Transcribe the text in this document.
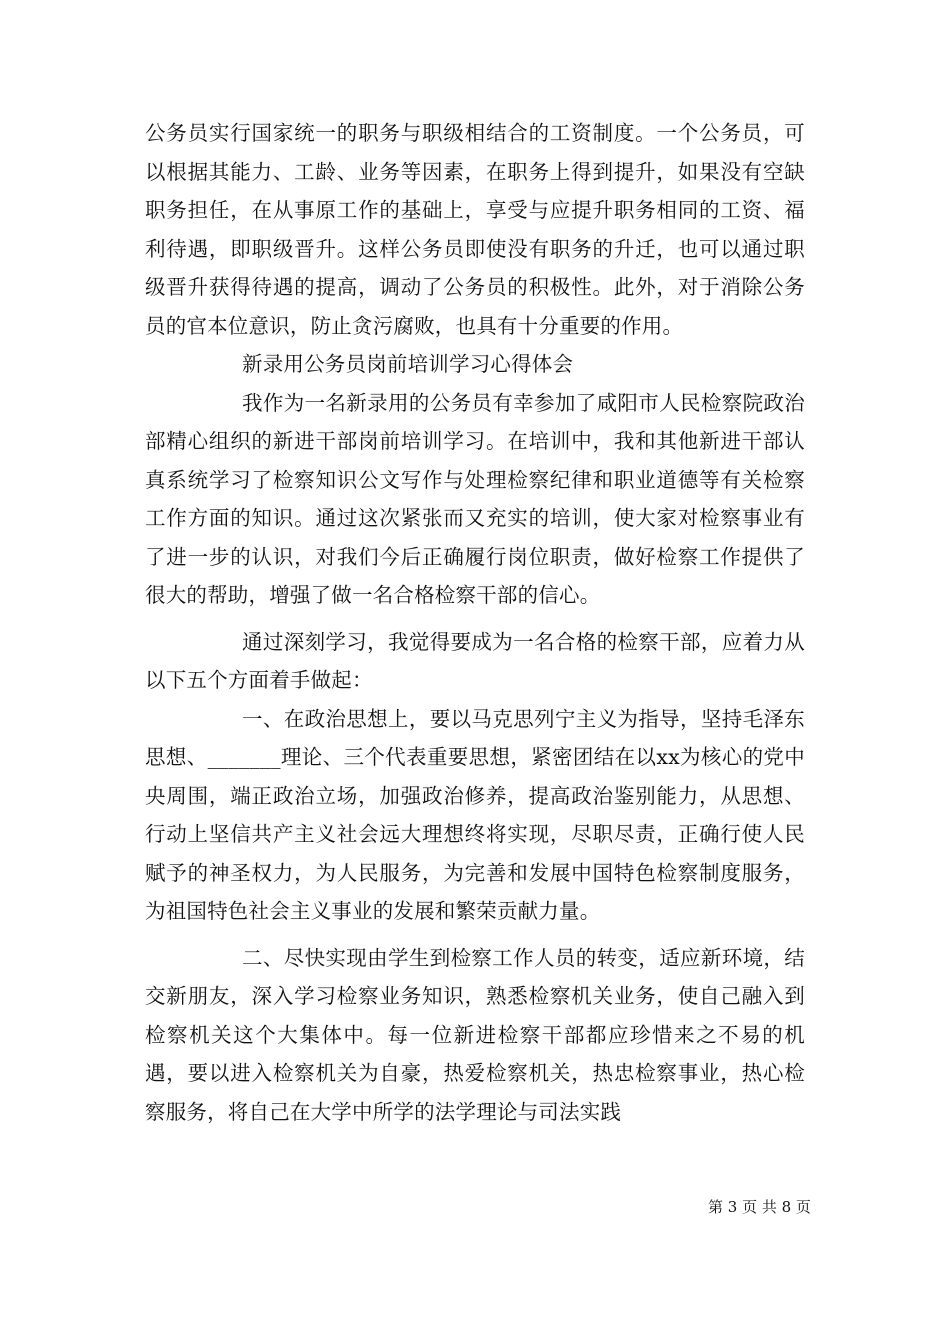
公务员实行国家统一的职务与职级相结合的工资制度。一个公务员，可以根据其能力、工龄、业务等因素，在职务上得到提升，如果没有空缺职务担任，在从事原工作的基础上，享受与应提升职务相同的工资、福利待遇，即职级晋升。这样公务员即使没有职务的升迁，也可以通过职级晋升获得待遇的提高，调动了公务员的积极性。此外，对于消除公务员的官本位意识，防止贪污腐败，也具有十分重要的作用。

新录用公务员岗前培训学习心得体会

我作为一名新录用的公务员有幸参加了咸阳市人民检察院政治部精心组织的新进干部岗前培训学习。在培训中，我和其他新进干部认真系统学习了检察知识公文写作与处理检察纪律和职业道德等有关检察工作方面的知识。通过这次紧张而又充实的培训，使大家对检察事业有了进一步的认识，对我们今后正确履行岗位职责，做好检察工作提供了很大的帮助，增强了做一名合格检察干部的信心。

通过深刻学习，我觉得要成为一名合格的检察干部，应着力从以下五个方面着手做起：

一、在政治思想上，要以马克思列宁主义为指导，坚持毛泽东思想、_______理论、三个代表重要思想，紧密团结在以xx为核心的党中央周围，端正政治立场，加强政治修养，提高政治鉴别能力，从思想、行动上坚信共产主义社会远大理想终将实现，尽职尽责，正确行使人民赋予的神圣权力，为人民服务，为完善和发展中国特色检察制度服务，为祖国特色社会主义事业的发展和繁荣贡献力量。

二、尽快实现由学生到检察工作人员的转变，适应新环境，结交新朋友，深入学习检察业务知识，熟悉检察机关业务，使自己融入到检察机关这个大集体中。每一位新进检察干部都应珍惜来之不易的机遇，要以进入检察机关为自豪，热爱检察机关，热忠检察事业，热心检察服务，将自己在大学中所学的法学理论与司法实践

第 3 页 共 8 页
